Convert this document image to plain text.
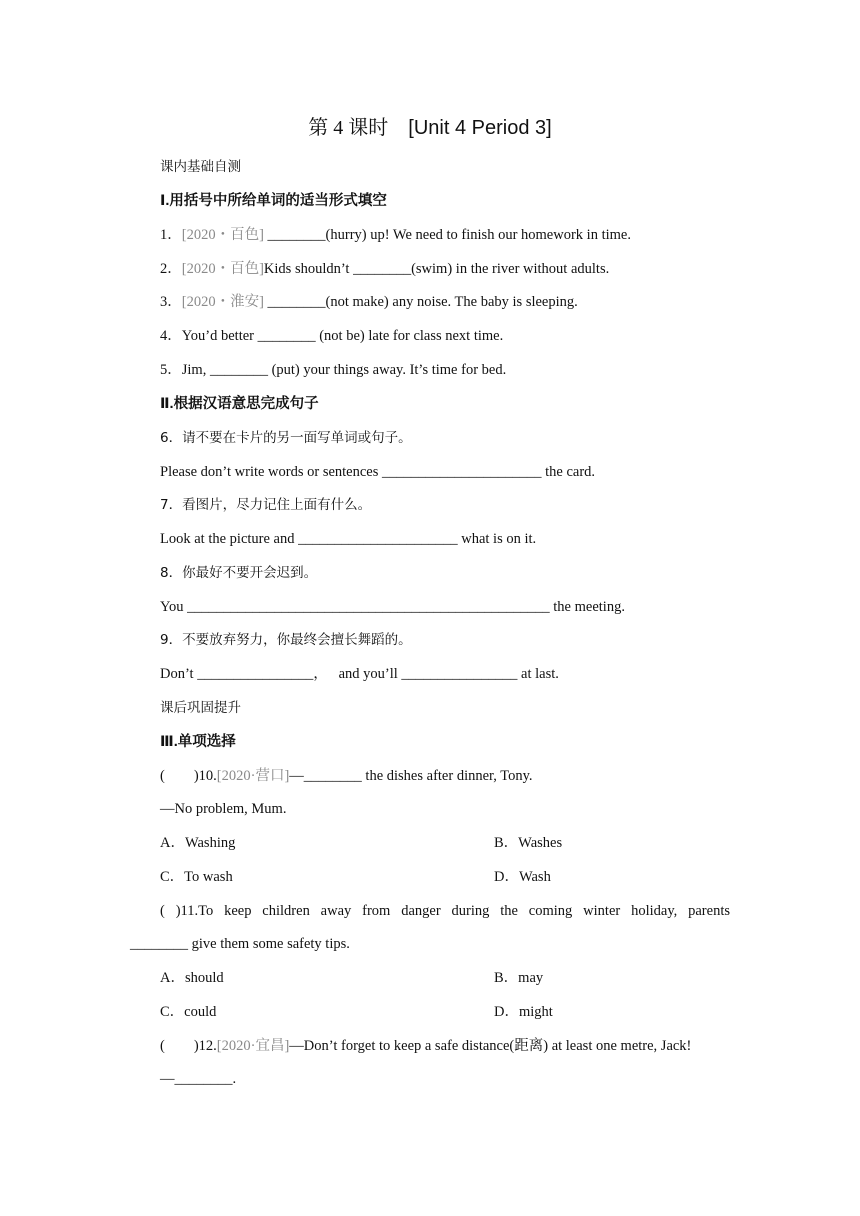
第 4 课时 [Unit 4 Period 3]
课内基础自测
Ⅰ.用括号中所给单词的适当形式填空
1．[2020・百色] ________(hurry) up! We need to finish our homework in time.
2．[2020・百色]Kids shouldn’t ________(swim) in the river without adults.
3．[2020・淮安] ________(not make) any noise. The baby is sleeping.
4．You’d better ________ (not be) late for class next time.
5．Jim, ________ (put) your things away. It’s time for bed.
Ⅱ.根据汉语意思完成句子
6．请不要在卡片的另一面写单词或句子。
Please don’t write words or sentences ______________________ the card.
7．看图片，尽力记住上面有什么。
Look at the picture and ______________________ what is on it.
8．你最好不要开会迟到。
You __________________________________________________ the meeting.
9．不要放弃努力，你最终会擅长舞蹈的。
Don’t ________________，   and you’ll ________________ at last.
课后巩固提升
Ⅲ.单项选择
(        )10.[2020·营口]—________ the dishes after dinner, Tony.
—No problem, Mum.
A．Washing	B．Washes
C．To wash	D．Wash
( )11.To keep children away from danger during the coming winter holiday, parents
________ give them some safety tips.
A．should	B．may
C．could	D．might
(        )12.[2020·宜昌]—Don’t forget to keep a safe distance(距离) at least one metre, Jack!
—________.
